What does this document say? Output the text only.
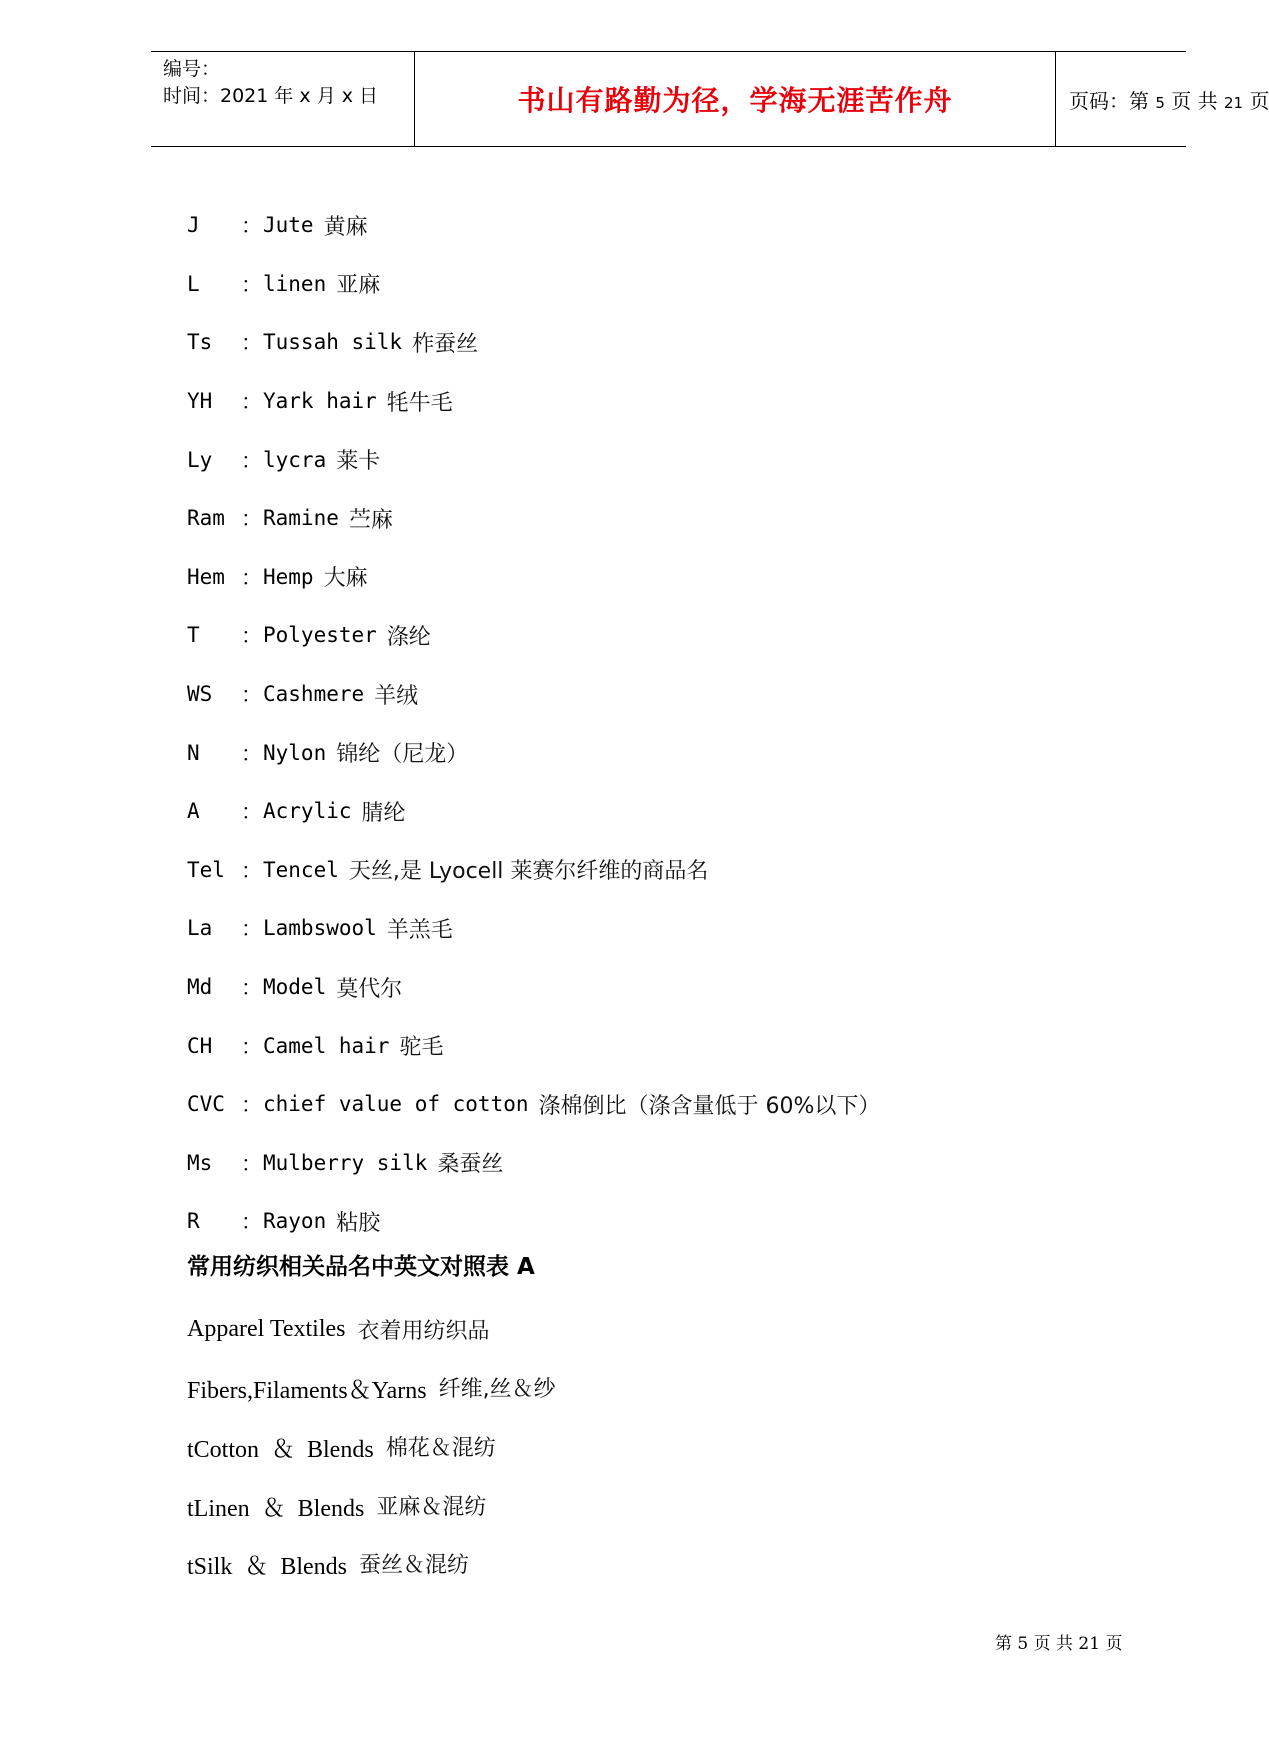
编号：
时间：2021 年 x 月 x 日	书山有路勤为径，学海无涯苦作舟	页码：第 5 页 共 21 页
J	： Jute 黄麻
L	： linen 亚麻
Ts	： Tussah silk 柞蚕丝
YH	： Yark hair 牦牛毛
Ly	： lycra 莱卡
Ram ： Ramine 苎麻
Hem ： Hemp 大麻
T	： Polyester 涤纶
WS	： Cashmere 羊绒
N	： Nylon 锦纶（尼龙）
A	： Acrylic 腈纶
Tel ： Tencel 天丝,是 Lyocell 莱赛尔纤维的商品名
La	： Lambswool 羊羔毛
Md	： Model 莫代尔
CH	： Camel hair 驼毛
CVC ： chief value of cotton 涤棉倒比（涤含量低于 60%以下）
Ms	： Mulberry silk 桑蚕丝
R	： Rayon 粘胶
常用纺织相关品名中英文对照表 A
Apparel Textiles 衣着用纺织品
Fibers,Filaments＆Yarns 纤维,丝＆纱
tCotton  ＆  Blends 棉花＆混纺
tLinen  ＆  Blends 亚麻＆混纺
tSilk  ＆  Blends 蚕丝＆混纺
第 5 页 共 21 页
